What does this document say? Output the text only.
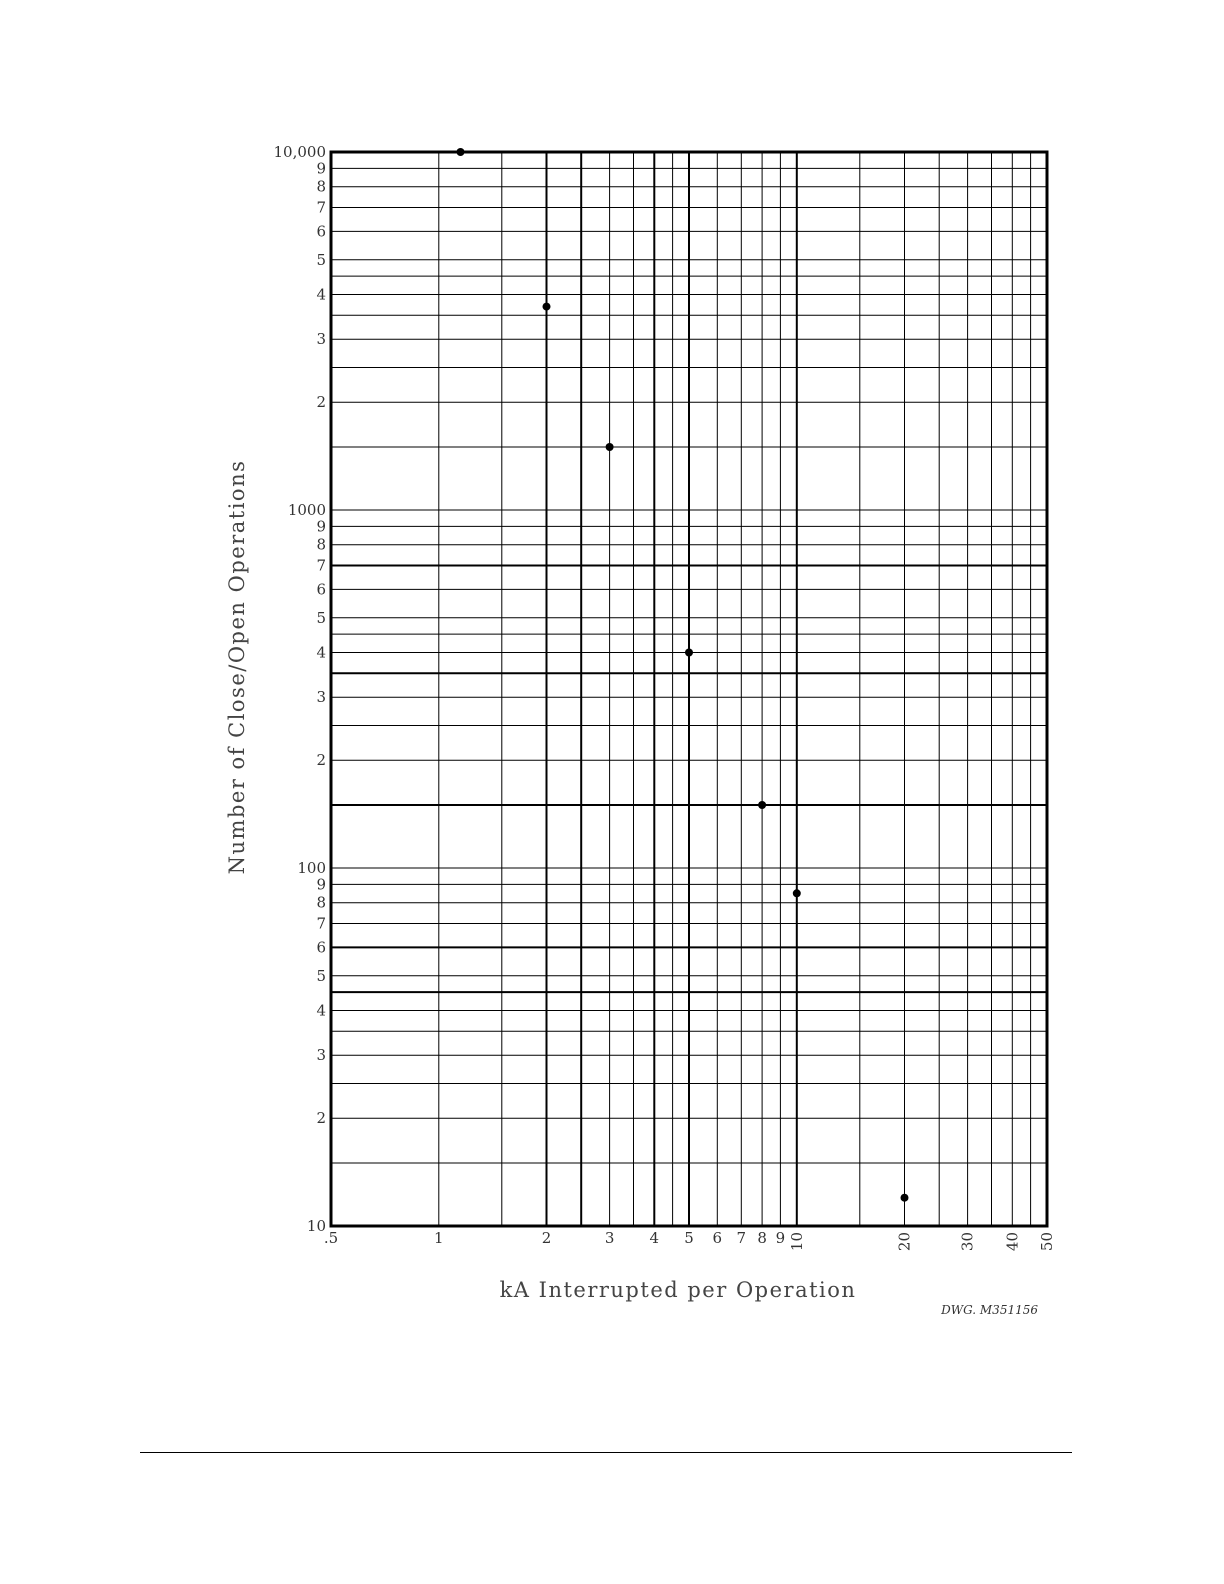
10
2
3
4
5
6
7
8
9
100
2
3
4
5
6
7
8
9
1000
2
3
4
5
6
7
8
9
10,000
.5	1	2	3 4 5 6 7 8 9 10	20	30 40 50
Number of Close/Open Operations
kA Interrupted per Operation
DWG. M351156
